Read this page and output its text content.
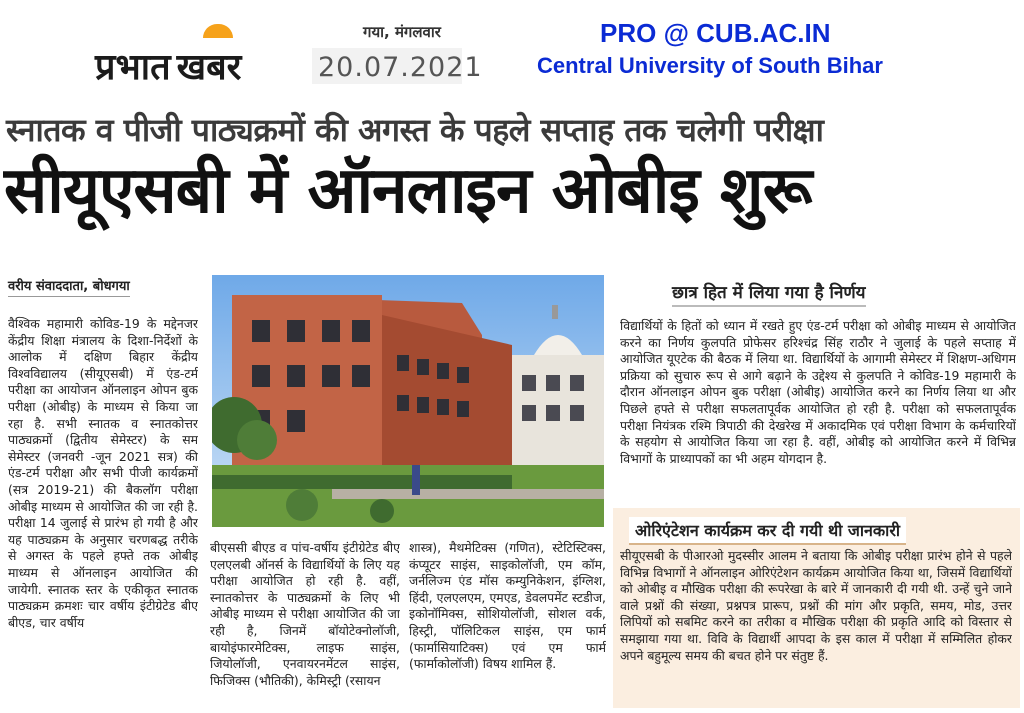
प्रभात खबर
गया, मंगलवार
20.07.2021
PRO @ CUB.AC.IN
Central University of South Bihar
स्नातक व पीजी पाठ्यक्रमों की अगस्त के पहले सप्ताह तक चलेगी परीक्षा
सीयूएसबी में ऑनलाइन ओबीइ शुरू
वरीय संवाददाता, बोधगया
वैश्विक महामारी कोविड-19 के मद्देनजर केंद्रीय शिक्षा मंत्रालय के दिशा-निर्देशों के आलोक में दक्षिण बिहार केंद्रीय विश्वविद्यालय (सीयूएसबी) में एंड-टर्म परीक्षा का आयोजन ऑनलाइन ओपन बुक परीक्षा (ओबीइ) के माध्यम से किया जा रहा है. सभी स्नातक व स्नातकोत्तर पाठ्यक्रमों (द्वितीय सेमेस्टर) के सम सेमेस्टर (जनवरी -जून 2021 सत्र) की एंड-टर्म परीक्षा और सभी पीजी कार्यक्रमों (सत्र 2019-21) की बैकलॉग परीक्षा ओबीइ माध्यम से आयोजित की जा रही है. परीक्षा 14 जुलाई से प्रारंभ हो गयी है और यह पाठ्यक्रम के अनुसार चरणबद्ध तरीके से अगस्त के पहले हफ्ते तक ओबीइ माध्यम से ऑनलाइन आयोजित की जायेगी. स्नातक स्तर के एकीकृत स्नातक पाठ्यक्रम क्रमशः चार वर्षीय इंटीग्रेटेड बीए बीएड, चार वर्षीय
बीएससी बीएड व पांच-वर्षीय इंटीग्रेटेड बीए एलएलबी ऑनर्स के विद्यार्थियों के लिए यह परीक्षा आयोजित हो रही है. वहीं, स्नातकोत्तर के पाठ्यक्रमों के लिए भी ओबीइ माध्यम से परीक्षा आयोजित की जा रही है, जिनमें बॉयोटेक्नोलॉजी, बायोइंफारमेटिक्स, लाइफ साइंस, जियोलॉजी, एनवायरनमेंटल साइंस, फिजिक्स (भौतिकी), केमिस्ट्री (रसायन
शास्त्र), मैथमेटिक्स (गणित), स्टेटिस्टिक्स, कंप्यूटर साइंस, साइकोलॉजी, एम कॉम, जर्नलिज्म एंड मॉस कम्युनिकेशन, इंग्लिश, हिंदी, एलएलएम, एमएड, डेवलपमेंट स्टडीज, इकोनॉमिक्स, सोशियोलॉजी, सोशल वर्क, हिस्ट्री, पॉलिटिकल साइंस, एम फार्म (फार्मासियाटिक्स) एवं एम फार्म (फार्माकोलॉजी) विषय शामिल हैं.
छात्र हित में लिया गया है निर्णय
विद्यार्थियों के हितों को ध्यान में रखते हुए एंड-टर्म परीक्षा को ओबीइ माध्यम से आयोजित करने का निर्णय कुलपति प्रोफेसर हरिश्चंद्र सिंह राठौर ने जुलाई के पहले सप्ताह में आयोजित यूएटेक की बैठक में लिया था. विद्यार्थियों के आगामी सेमेस्टर में शिक्षण-अधिगम प्रक्रिया को सुचारु रूप से आगे बढ़ाने के उद्देश्य से कुलपति ने कोविड-19 महामारी के दौरान ऑनलाइन ओपन बुक परीक्षा (ओबीइ) आयोजित करने का निर्णय लिया था और पिछले हफ्ते से परीक्षा सफलतापूर्वक आयोजित हो रही है. परीक्षा को सफलतापूर्वक परीक्षा नियंत्रक रश्मि त्रिपाठी की देखरेख में अकादमिक एवं परीक्षा विभाग के कर्मचारियों के सहयोग से आयोजित किया जा रहा है. वहीं, ओबीइ को आयोजित करने में विभिन्न विभागों के प्राध्यापकों का भी अहम योगदान है.
ओरिएंटेशन कार्यक्रम कर दी गयी थी जानकारी
सीयूएसबी के पीआरओ मुदस्सीर आलम ने बताया कि ओबीइ परीक्षा प्रारंभ होने से पहले विभिन्न विभागों ने ऑनलाइन ओरिएंटेशन कार्यक्रम आयोजित किया था, जिसमें विद्यार्थियों को ओबीइ व मौखिक परीक्षा की रूपरेखा के बारे में जानकारी दी गयी थी. उन्हें चुने जाने वाले प्रश्नों की संख्या, प्रश्नपत्र प्रारूप, प्रश्नों की मांग और प्रकृति, समय, मोड, उत्तर लिपियों को सबमिट करने का तरीका व मौखिक परीक्षा की प्रकृति आदि को विस्तार से समझाया गया था. विवि के विद्यार्थी आपदा के इस काल में परीक्षा में सम्मिलित होकर अपने बहुमूल्य समय की बचत होने पर संतुष्ट हैं.
